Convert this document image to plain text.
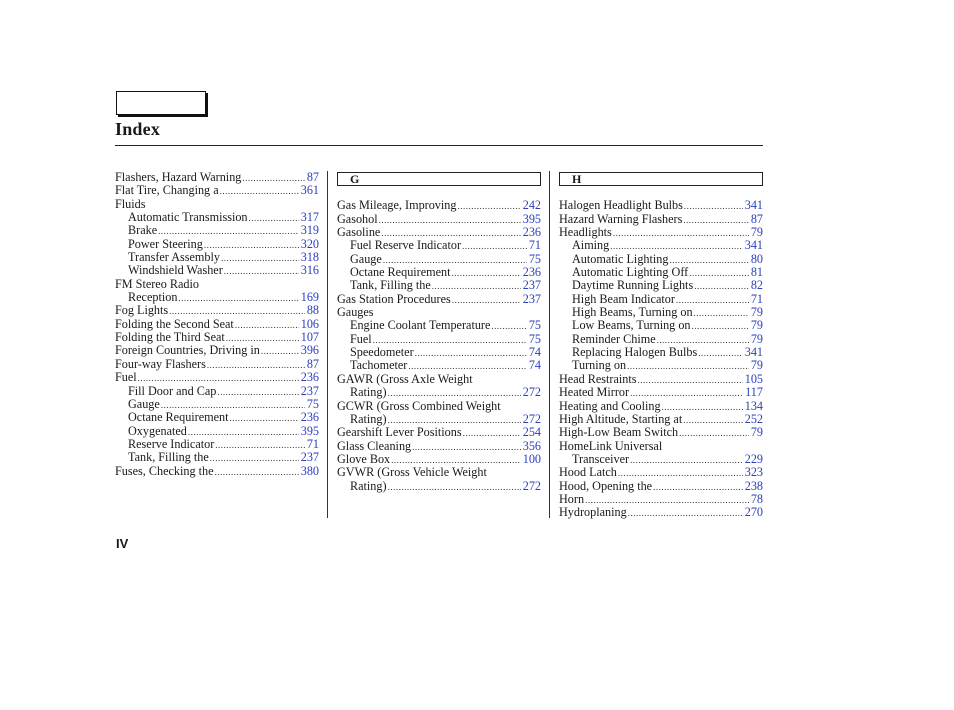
Index
Flashers, Hazard Warning .....	87
Flat Tire, Changing a .....	361
Fluids
Automatic Transmission .....	317
Brake .....	319
Power Steering .....	320
Transfer Assembly .....	318
Windshield Washer .....	316
FM Stereo Radio
Reception .....	169
Fog Lights .....	88
Folding the Second Seat .....	106
Folding the Third Seat .....	107
Foreign Countries, Driving in .....	396
Four-way Flashers .....	87
Fuel .....	236
Fill Door and Cap .....	237
Gauge .....	75
Octane Requirement .....	236
Oxygenated .....	395
Reserve Indicator .....	71
Tank, Filling the .....	237
Fuses, Checking the .....	380
G
Gas Mileage, Improving .....	242
Gasohol .....	395
Gasoline .....	236
Fuel Reserve Indicator .....	71
Gauge .....	75
Octane Requirement .....	236
Tank, Filling the .....	237
Gas Station Procedures .....	237
Gauges
Engine Coolant Temperature .....	75
Fuel .....	75
Speedometer .....	74
Tachometer .....	74
GAWR (Gross Axle Weight
Rating) .....	272
GCWR (Gross Combined Weight
Rating) .....	272
Gearshift Lever Positions .....	254
Glass Cleaning .....	356
Glove Box .....	100
GVWR (Gross Vehicle Weight
Rating) .....	272
H
Halogen Headlight Bulbs .....	341
Hazard Warning Flashers .....	87
Headlights .....	79
Aiming .....	341
Automatic Lighting .....	80
Automatic Lighting Off .....	81
Daytime Running Lights .....	82
High Beam Indicator .....	71
High Beams, Turning on .....	79
Low Beams, Turning on .....	79
Reminder Chime .....	79
Replacing Halogen Bulbs .....	341
Turning on .....	79
Head Restraints .....	105
Heated Mirror .....	117
Heating and Cooling .....	134
High Altitude, Starting at .....	252
High-Low Beam Switch .....	79
HomeLink Universal
Transceiver .....	229
Hood Latch .....	323
Hood, Opening the .....	238
Horn .....	78
Hydroplaning .....	270
IV
